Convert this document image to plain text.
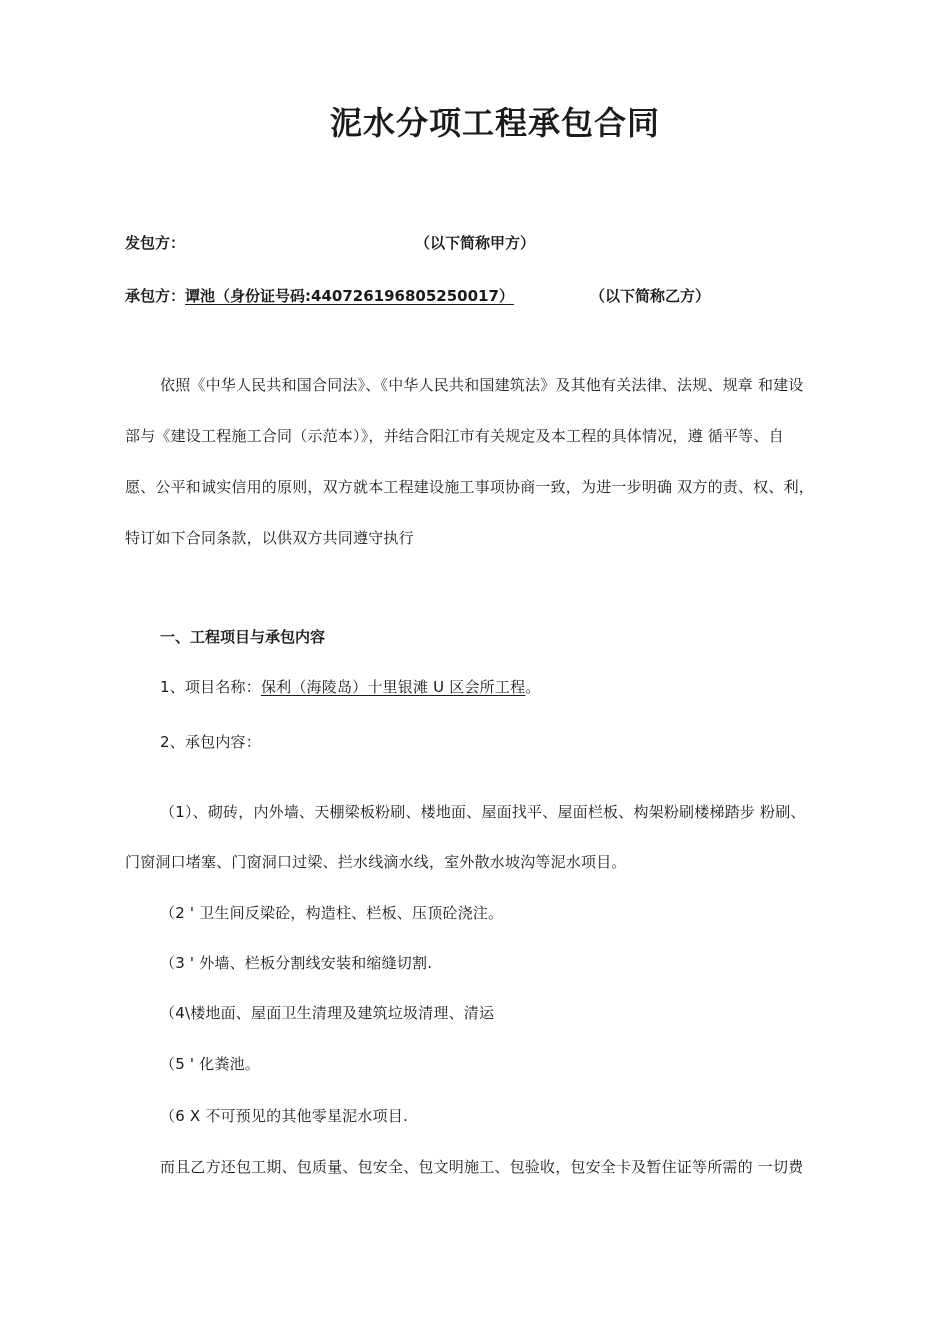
泥水分项工程承包合同
发包方：	（以下简称甲方）
承包方：谭池（身份证号码:440726196805250017）	（以下简称乙方）
依照《中华人民共和国合同法》、《中华人民共和国建筑法》及其他有关法律、法规、规章 和建设
部与《建设工程施工合同（示范本）》，并结合阳江市有关规定及本工程的具体情况，遵 循平等、自
愿、公平和诚实信用的原则，双方就本工程建设施工事项协商一致，为进一步明确 双方的责、权、利，
特订如下合同条款，以供双方共同遵守执行
一、工程项目与承包内容
1、项目名称：保利（海陵岛）十里银滩 U 区会所工程。
2、承包内容：
（1）、砌砖，内外墙、天棚梁板粉刷、楼地面、屋面找平、屋面栏板、构架粉刷楼梯踏步 粉刷、
门窗洞口堵塞、门窗洞口过梁、拦水线滴水线，室外散水坡沟等泥水项目。
（2 ' 卫生间反梁砼，构造柱、栏板、压顶砼浇注。
（3 ' 外墙、栏板分割线安装和缩缝切割.
（4\楼地面、屋面卫生清理及建筑垃圾清理、清运
（5 ' 化粪池。
（6 X 不可预见的其他零星泥水项目.
而且乙方还包工期、包质量、包安全、包文明施工、包验收，包安全卡及暂住证等所需的 一切费
